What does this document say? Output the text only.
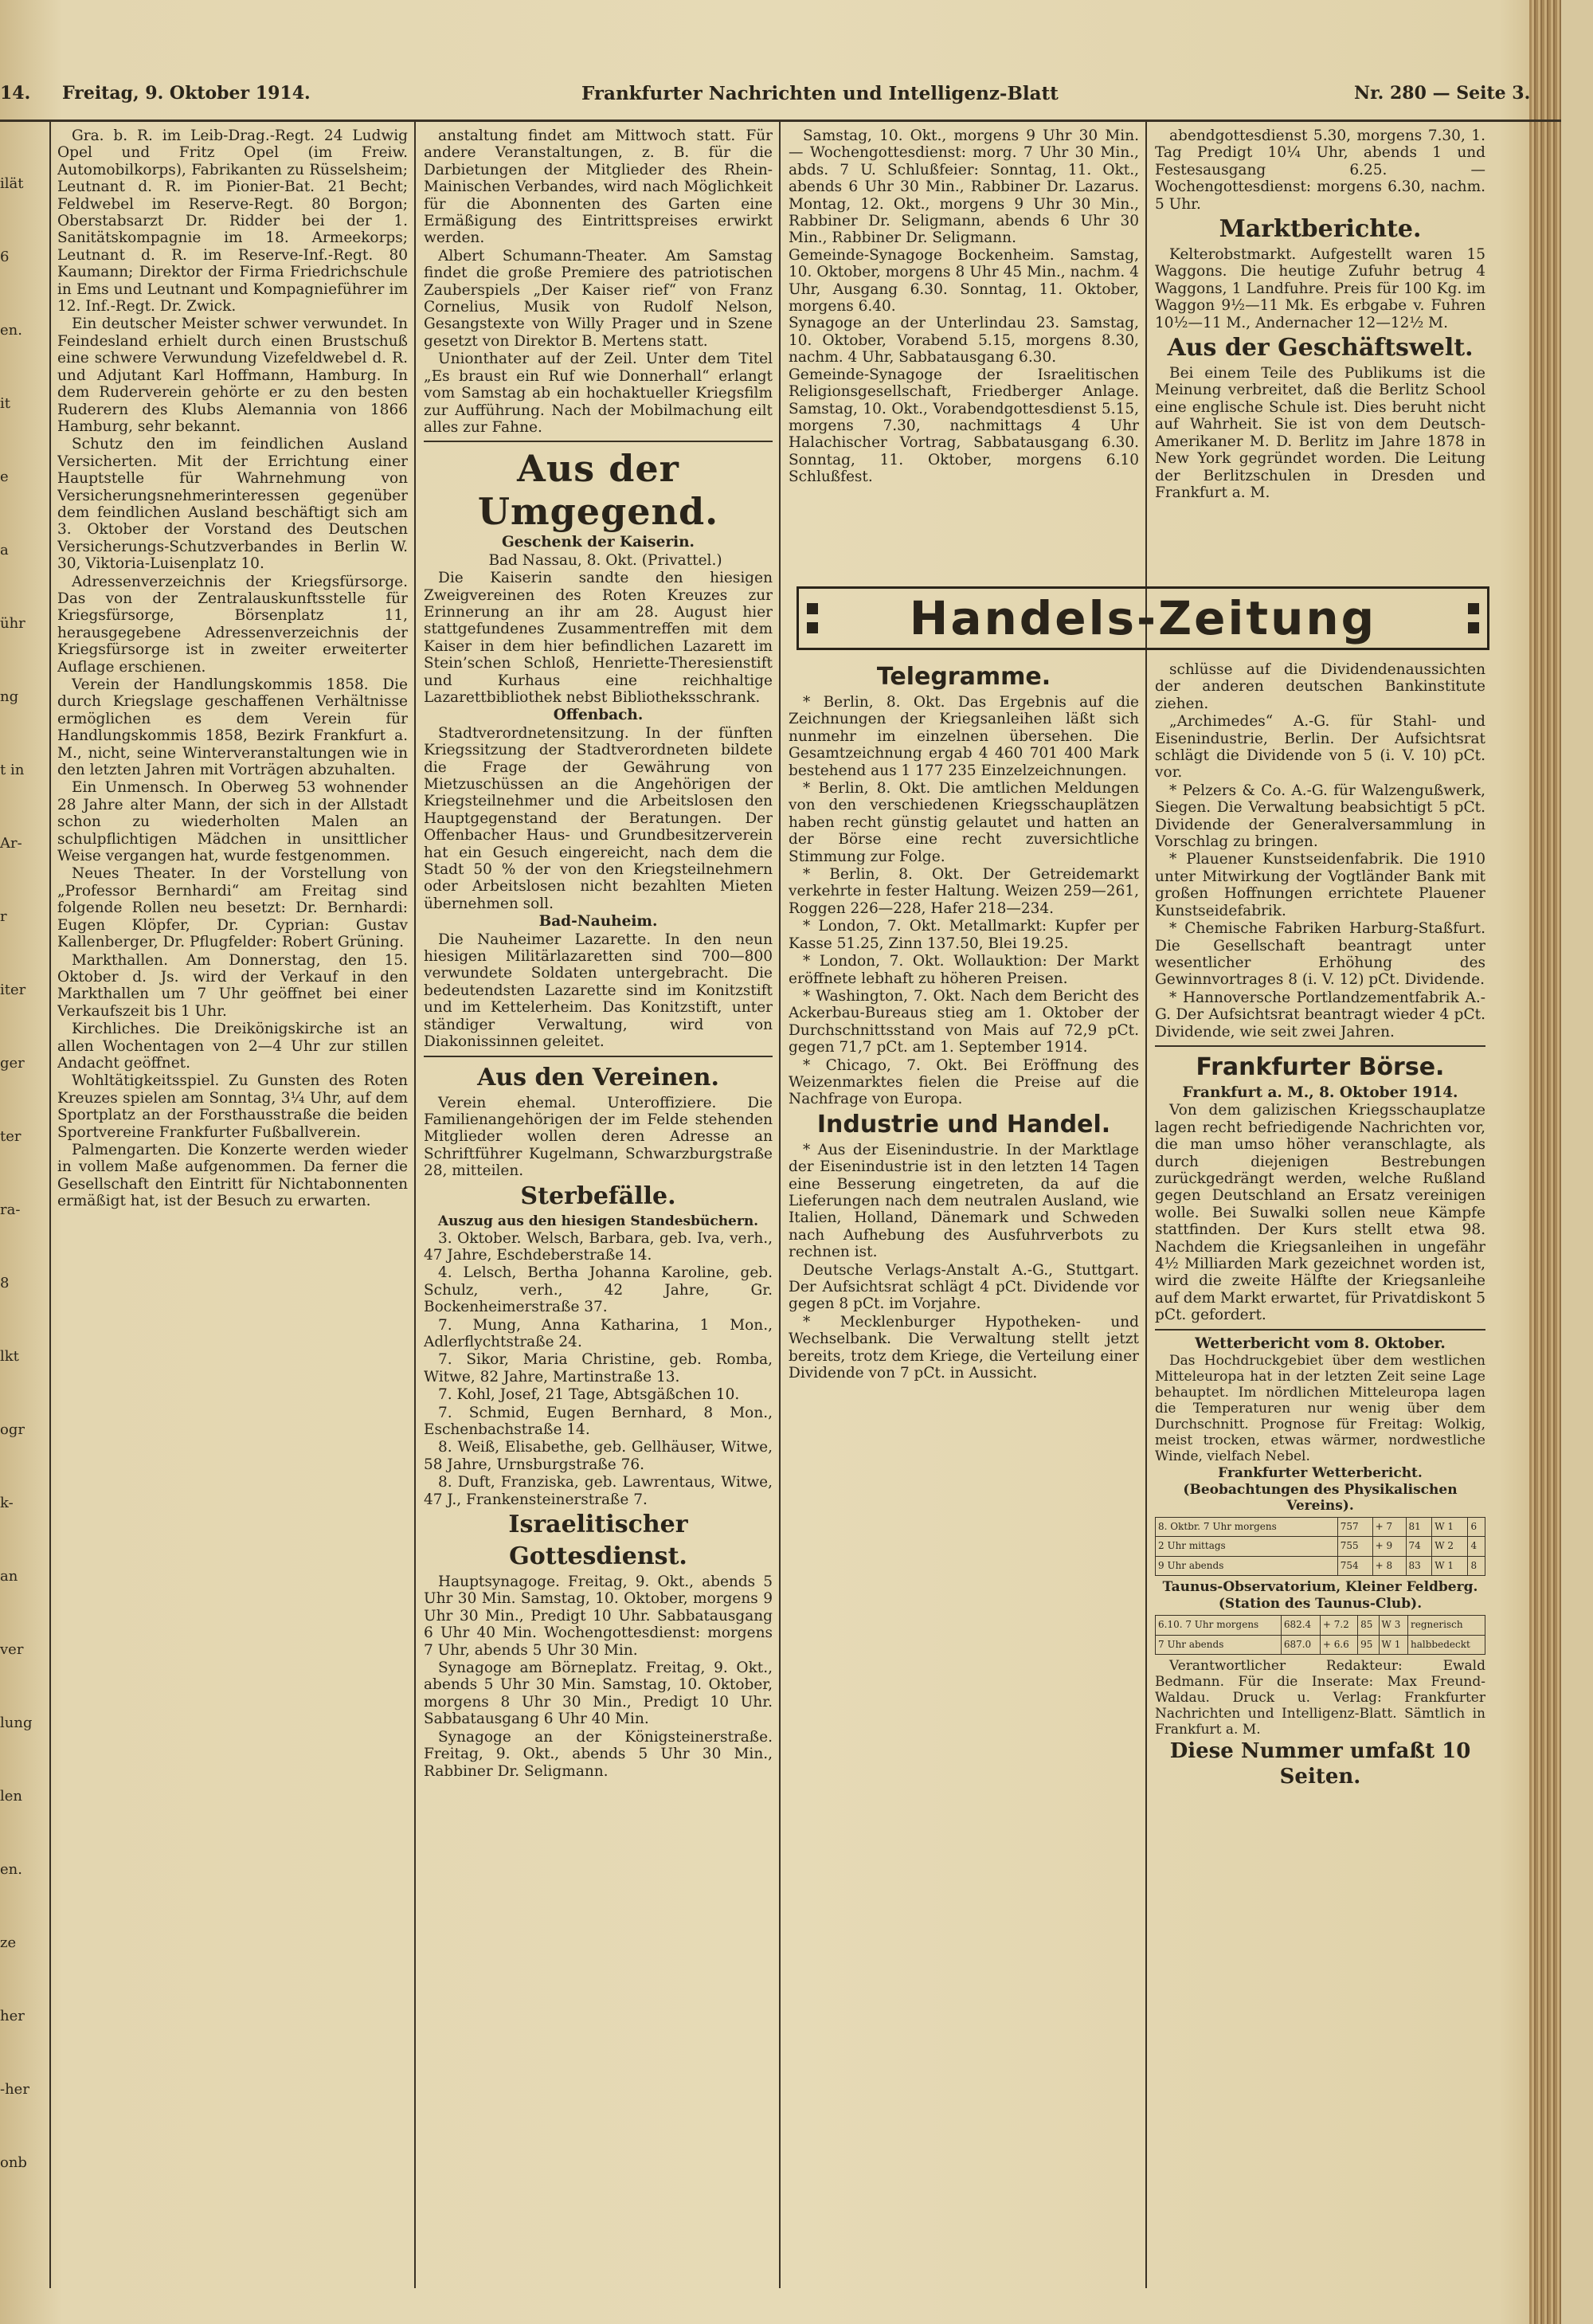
14. Freitag, 9. Oktober 1914.	Frankfurter Nachrichten und Intelligenz-Blatt	Nr. 280 — Seite 3.
ilät
6
en.
it
e
a
ühr
ng
t in
Ar-
r
iter
ger
ter
ra-
8
lkt
ogr
k-
an
ver
lung
len
en.
ze
her
-her
onb

Gra. b. R. im Leib-Drag.-Regt. 24 Ludwig Opel und Fritz Opel (im Freiw. Automobilkorps), Fabrikanten zu Rüsselsheim; Leutnant d. R. im Pionier-Bat. 21 Becht; Feldwebel im Reserve-Regt. 80 Borgon; Oberstabsarzt Dr. Ridder bei der 1. Sanitätskompagnie im 18. Armeekorps; Leutnant d. R. im Reserve-Inf.-Regt. 80 Kaumann; Direktor der Firma Friedrichschule in Ems und Leutnant und Kompagnieführer im 12. Inf.-Regt. Dr. Zwick.

Ein deutscher Meister schwer verwundet. In Feindesland erhielt durch einen Brustschuß eine schwere Verwundung Vizefeldwebel d. R. und Adjutant Karl Hoffmann, Hamburg. In dem Ruderverein gehörte er zu den besten Ruderern des Klubs Alemannia von 1866 Hamburg, sehr bekannt.

Schutz den im feindlichen Ausland Versicherten. Mit der Errichtung einer Hauptstelle für Wahrnehmung von Versicherungsnehmerinteressen gegenüber dem feindlichen Ausland beschäftigt sich am 3. Oktober der Vorstand des Deutschen Versicherungs-Schutzverbandes in Berlin W. 30, Viktoria-Luisenplatz 10.

Adressenverzeichnis der Kriegsfürsorge. Das von der Zentralauskunftsstelle für Kriegsfürsorge, Börsenplatz 11, herausgegebene Adressenverzeichnis der Kriegsfürsorge ist in zweiter erweiterter Auflage erschienen.

Verein der Handlungskommis 1858. Die durch Kriegslage geschaffenen Verhältnisse ermöglichen es dem Verein für Handlungskommis 1858, Bezirk Frankfurt a. M., nicht, seine Winterveranstaltungen wie in den letzten Jahren mit Vorträgen abzuhalten.

Ein Unmensch. In Oberweg 53 wohnender 28 Jahre alter Mann, der sich in der Allstadt schon zu wiederholten Malen an schulpflichtigen Mädchen in unsittlicher Weise vergangen hat, wurde festgenommen.

Neues Theater. In der Vorstellung von „Professor Bernhardi“ am Freitag sind folgende Rollen neu besetzt: Dr. Bernhardi: Eugen Klöpfer, Dr. Cyprian: Gustav Kallenberger, Dr. Pflugfelder: Robert Grüning.

Markthallen. Am Donnerstag, den 15. Oktober d. Js. wird der Verkauf in den Markthallen um 7 Uhr geöffnet bei einer Verkaufszeit bis 1 Uhr.

Kirchliches. Die Dreikönigskirche ist an allen Wochentagen von 2—4 Uhr zur stillen Andacht geöffnet.

Wohltätigkeitsspiel. Zu Gunsten des Roten Kreuzes spielen am Sonntag, 3¼ Uhr, auf dem Sportplatz an der Forsthausstraße die beiden Sportvereine Frankfurter Fußballverein.

Palmengarten. Die Konzerte werden wieder in vollem Maße aufgenommen. Da ferner die Gesellschaft den Eintritt für Nichtabonnenten ermäßigt hat, ist der Besuch zu erwarten.

anstaltung findet am Mittwoch statt. Für andere Veranstaltungen, z. B. für die Darbietungen der Mitglieder des Rhein-Mainischen Verbandes, wird nach Möglichkeit für die Abonnenten des Garten eine Ermäßigung des Eintrittspreises erwirkt werden.

Albert Schumann-Theater. Am Samstag findet die große Premiere des patriotischen Zauberspiels „Der Kaiser rief“ von Franz Cornelius, Musik von Rudolf Nelson, Gesangstexte von Willy Prager und in Szene gesetzt von Direktor B. Mertens statt.

Unionthater auf der Zeil. Unter dem Titel „Es braust ein Ruf wie Donnerhall“ erlangt vom Samstag ab ein hochaktueller Kriegsfilm zur Aufführung. Nach der Mobilmachung eilt alles zur Fahne.

Aus der Umgegend.

Geschenk der Kaiserin.

Bad Nassau, 8. Okt. (Privattel.)

Die Kaiserin sandte den hiesigen Zweigvereinen des Roten Kreuzes zur Erinnerung an ihr am 28. August hier stattgefundenes Zusammentreffen mit dem Kaiser in dem hier befindlichen Lazarett im Stein’schen Schloß, Henriette-Theresienstift und Kurhaus eine reichhaltige Lazarettbibliothek nebst Bibliotheksschrank.

Offenbach.

Stadtverordnetensitzung. In der fünften Kriegssitzung der Stadtverordneten bildete die Frage der Gewährung von Mietzuschüssen an die Angehörigen der Kriegsteilnehmer und die Arbeitslosen den Hauptgegenstand der Beratungen. Der Offenbacher Haus- und Grundbesitzerverein hat ein Gesuch eingereicht, nach dem die Stadt 50 % der von den Kriegsteilnehmern oder Arbeitslosen nicht bezahlten Mieten übernehmen soll.

Bad-Nauheim.

Die Nauheimer Lazarette. In den neun hiesigen Militärlazaretten sind 700—800 verwundete Soldaten untergebracht. Die bedeutendsten Lazarette sind im Konitzstift und im Kettelerheim. Das Konitzstift, unter ständiger Verwaltung, wird von Diakonissinnen geleitet.

Aus den Vereinen.

Verein ehemal. Unteroffiziere. Die Familienangehörigen der im Felde stehenden Mitglieder wollen deren Adresse an Schriftführer Kugelmann, Schwarzburgstraße 28, mitteilen.

Sterbefälle.

Auszug aus den hiesigen Standesbüchern.

3. Oktober. Welsch, Barbara, geb. Iva, verh., 47 Jahre, Eschdeberstraße 14.

4. Lelsch, Bertha Johanna Karoline, geb. Schulz, verh., 42 Jahre, Gr. Bockenheimerstraße 37.

7. Mung, Anna Katharina, 1 Mon., Adlerflychtstraße 24.

7. Sikor, Maria Christine, geb. Romba, Witwe, 82 Jahre, Martinstraße 13.

7. Kohl, Josef, 21 Tage, Abtsgäßchen 10.

7. Schmid, Eugen Bernhard, 8 Mon., Eschenbachstraße 14.

8. Weiß, Elisabethe, geb. Gellhäuser, Witwe, 58 Jahre, Urnsburgstraße 76.

8. Duft, Franziska, geb. Lawrentaus, Witwe, 47 J., Frankensteinerstraße 7.

Israelitischer Gottesdienst.

Hauptsynagoge. Freitag, 9. Okt., abends 5 Uhr 30 Min. Samstag, 10. Oktober, morgens 9 Uhr 30 Min., Predigt 10 Uhr. Sabbatausgang 6 Uhr 40 Min. Wochengottesdienst: morgens 7 Uhr, abends 5 Uhr 30 Min.

Synagoge am Börneplatz. Freitag, 9. Okt., abends 5 Uhr 30 Min. Samstag, 10. Oktober, morgens 8 Uhr 30 Min., Predigt 10 Uhr. Sabbatausgang 6 Uhr 40 Min.

Synagoge an der Königsteinerstraße. Freitag, 9. Okt., abends 5 Uhr 30 Min., Rabbiner Dr. Seligmann.

Samstag, 10. Okt., morgens 9 Uhr 30 Min. — Wochengottesdienst: morg. 7 Uhr 30 Min., abds. 7 U. Schlußfeier: Sonntag, 11. Okt., abends 6 Uhr 30 Min., Rabbiner Dr. Lazarus. Montag, 12. Okt., morgens 9 Uhr 30 Min., Rabbiner Dr. Seligmann, abends 6 Uhr 30 Min., Rabbiner Dr. Seligmann.
Gemeinde-Synagoge Bockenheim. Samstag, 10. Oktober, morgens 8 Uhr 45 Min., nachm. 4 Uhr, Ausgang 6.30. Sonntag, 11. Oktober, morgens 6.40.
Synagoge an der Unterlindau 23. Samstag, 10. Oktober, Vorabend 5.15, morgens 8.30, nachm. 4 Uhr, Sabbatausgang 6.30.
Gemeinde-Synagoge der Israelitischen Religionsgesellschaft, Friedberger Anlage. Samstag, 10. Okt., Vorabendgottesdienst 5.15, morgens 7.30, nachmittags 4 Uhr Halachischer Vortrag, Sabbatausgang 6.30. Sonntag, 11. Oktober, morgens 6.10 Schlußfest.

abendgottesdienst 5.30, morgens 7.30, 1. Tag Predigt 10¼ Uhr, abends 1 und Festesausgang 6.25. — Wochengottesdienst: morgens 6.30, nachm. 5 Uhr.

Marktberichte.

Kelterobstmarkt. Aufgestellt waren 15 Waggons. Die heutige Zufuhr betrug 4 Waggons, 1 Landfuhre. Preis für 100 Kg. im Waggon 9½—11 Mk. Es erbgabe v. Fuhren 10½—11 M., Andernacher 12—12½ M.

Aus der Geschäftswelt.

Bei einem Teile des Publikums ist die Meinung verbreitet, daß die Berlitz School eine englische Schule ist. Dies beruht nicht auf Wahrheit. Sie ist von dem Deutsch-Amerikaner M. D. Berlitz im Jahre 1878 in New York gegründet worden. Die Leitung der Berlitzschulen in Dresden und Frankfurt a. M.

Handels-Zeitung

Telegramme.

* Berlin, 8. Okt. Das Ergebnis auf die Zeichnungen der Kriegsanleihen läßt sich nunmehr im einzelnen übersehen. Die Gesamtzeichnung ergab 4 460 701 400 Mark bestehend aus 1 177 235 Einzelzeichnungen.

* Berlin, 8. Okt. Die amtlichen Meldungen von den verschiedenen Kriegsschauplätzen haben recht günstig gelautet und hatten an der Börse eine recht zuversichtliche Stimmung zur Folge.

* Berlin, 8. Okt. Der Getreidemarkt verkehrte in fester Haltung. Weizen 259—261, Roggen 226—228, Hafer 218—234.

* London, 7. Okt. Metallmarkt: Kupfer per Kasse 51.25, Zinn 137.50, Blei 19.25.

* London, 7. Okt. Wollauktion: Der Markt eröffnete lebhaft zu höheren Preisen.

* Washington, 7. Okt. Nach dem Bericht des Ackerbau-Bureaus stieg am 1. Oktober der Durchschnittsstand von Mais auf 72,9 pCt. gegen 71,7 pCt. am 1. September 1914.

* Chicago, 7. Okt. Bei Eröffnung des Weizenmarktes fielen die Preise auf die Nachfrage von Europa.

Industrie und Handel.

* Aus der Eisenindustrie. In der Marktlage der Eisenindustrie ist in den letzten 14 Tagen eine Besserung eingetreten, da auf die Lieferungen nach dem neutralen Ausland, wie Italien, Holland, Dänemark und Schweden nach Aufhebung des Ausfuhrverbots zu rechnen ist.

Deutsche Verlags-Anstalt A.-G., Stuttgart. Der Aufsichtsrat schlägt 4 pCt. Dividende vor gegen 8 pCt. im Vorjahre.

* Mecklenburger Hypotheken- und Wechselbank. Die Verwaltung stellt jetzt bereits, trotz dem Kriege, die Verteilung einer Dividende von 7 pCt. in Aussicht.

schlüsse auf die Dividendenaussichten der anderen deutschen Bankinstitute ziehen.

„Archimedes“ A.-G. für Stahl- und Eisenindustrie, Berlin. Der Aufsichtsrat schlägt die Dividende von 5 (i. V. 10) pCt. vor.

* Pelzers & Co. A.-G. für Walzengußwerk, Siegen. Die Verwaltung beabsichtigt 5 pCt. Dividende der Generalversammlung in Vorschlag zu bringen.

* Plauener Kunstseidenfabrik. Die 1910 unter Mitwirkung der Vogtländer Bank mit großen Hoffnungen errichtete Plauener Kunstseidefabrik.

* Chemische Fabriken Harburg-Staßfurt. Die Gesellschaft beantragt unter wesentlicher Erhöhung des Gewinnvortrages 8 (i. V. 12) pCt. Dividende.

* Hannoversche Portlandzementfabrik A.-G. Der Aufsichtsrat beantragt wieder 4 pCt. Dividende, wie seit zwei Jahren.

Frankfurter Börse.

Frankfurt a. M., 8. Oktober 1914.

Von dem galizischen Kriegsschauplatze lagen recht befriedigende Nachrichten vor, die man umso höher veranschlagte, als durch diejenigen Bestrebungen zurückgedrängt werden, welche Rußland gegen Deutschland an Ersatz vereinigen wolle. Bei Suwalki sollen neue Kämpfe stattfinden. Der Kurs stellt etwa 98. Nachdem die Kriegsanleihen in ungefähr 4½ Milliarden Mark gezeichnet worden ist, wird die zweite Hälfte der Kriegsanleihe auf dem Markt erwartet, für Privatdiskont 5 pCt. gefordert.

Wetterbericht vom 8. Oktober.

Das Hochdruckgebiet über dem westlichen Mitteleuropa hat in der letzten Zeit seine Lage behauptet. Im nördlichen Mitteleuropa lagen die Temperaturen nur wenig über dem Durchschnitt. Prognose für Freitag: Wolkig, meist trocken, etwas wärmer, nordwestliche Winde, vielfach Nebel.

Frankfurter Wetterbericht.

(Beobachtungen des Physikalischen Vereins).

8. Oktbr. 7 Uhr morgens	757	+ 7	81	W 1	6
2 Uhr mittags	755	+ 9	74	W 2	4
9 Uhr abends	754	+ 8	83	W 1	8

Taunus-Observatorium, Kleiner Feldberg.

(Station des Taunus-Club).

6.10. 7 Uhr morgens	682.4	+ 7.2	85	W 3	regnerisch
7 Uhr abends	687.0	+ 6.6	95	W 1	halbbedeckt

Verantwortlicher Redakteur: Ewald Bedmann. Für die Inserate: Max Freund-Waldau. Druck u. Verlag: Frankfurter Nachrichten und Intelligenz-Blatt. Sämtlich in Frankfurt a. M.

Diese Nummer umfaßt 10 Seiten.
